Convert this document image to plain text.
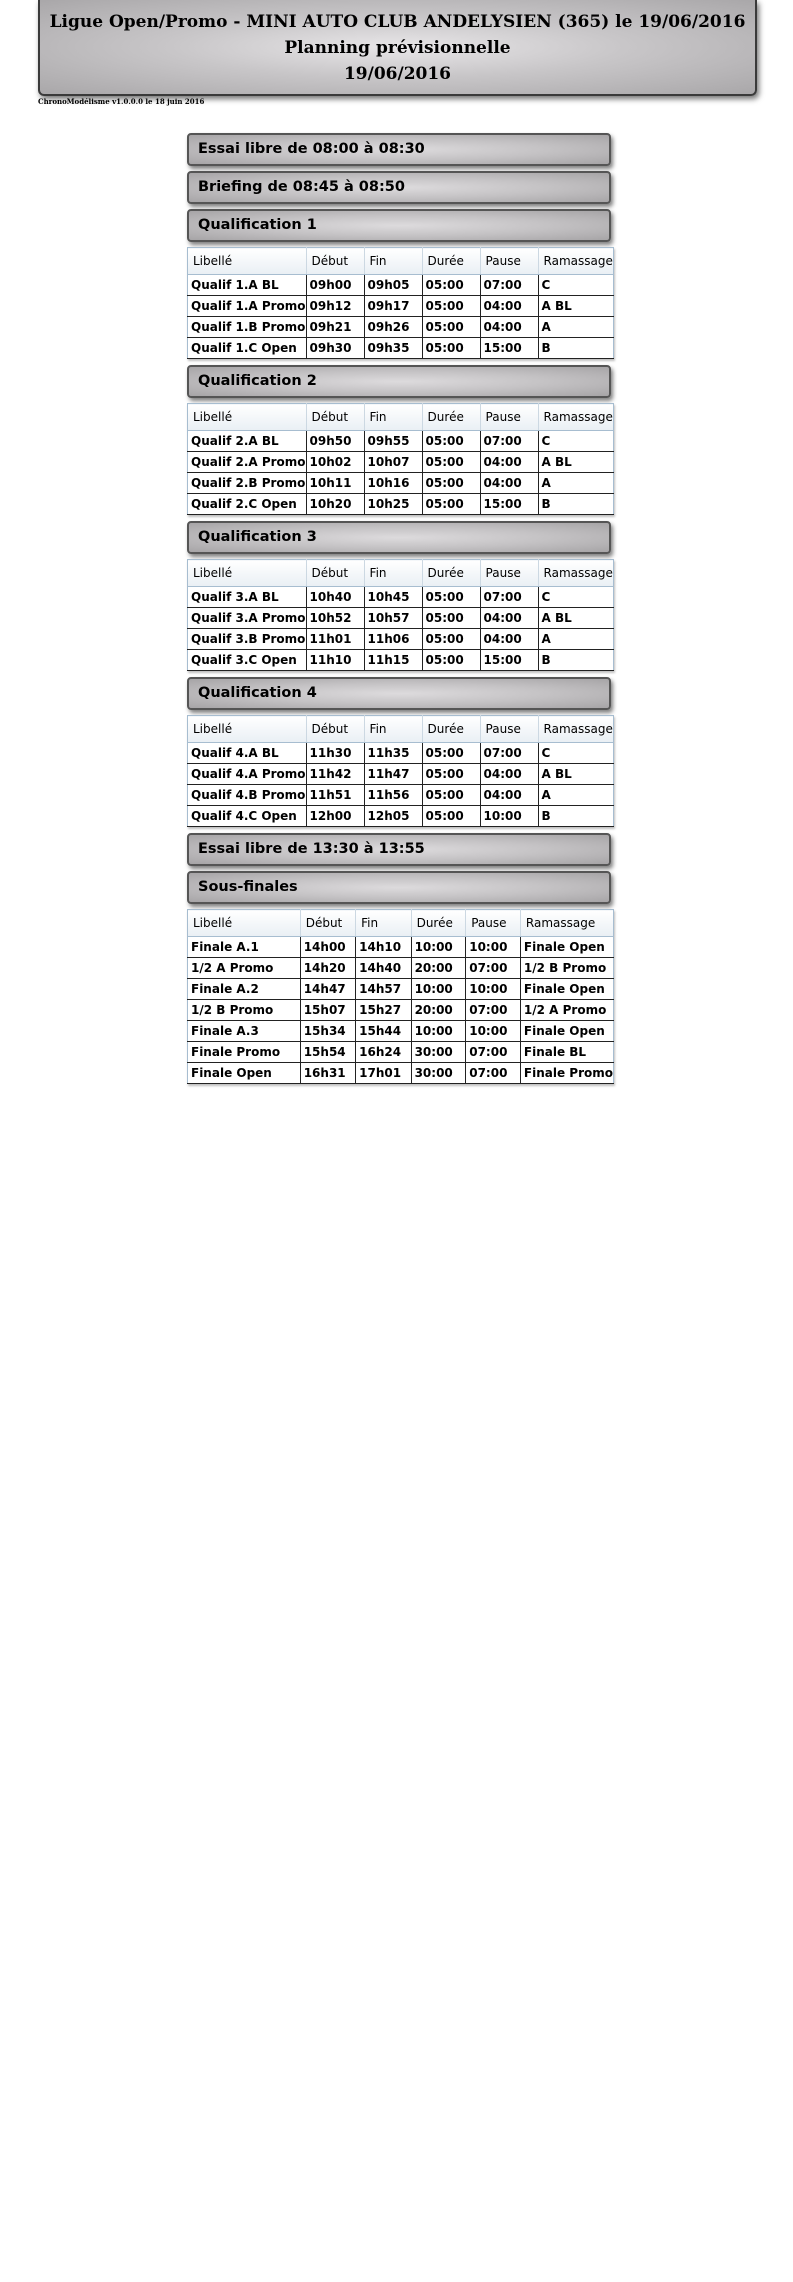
Ligue Open/Promo - MINI AUTO CLUB ANDELYSIEN (365) le 19/06/2016
Planning prévisionnelle
19/06/2016
ChronoModélisme v1.0.0.0 le 18 juin 2016
Essai libre de 08:00 à 08:30
Briefing de 08:45 à 08:50
Qualification 1
Libellé	Début	Fin	Durée	Pause	Ramassage
Qualif 1.A BL	09h00	09h05	05:00	07:00	C
Qualif 1.A Promo	09h12	09h17	05:00	04:00	A BL
Qualif 1.B Promo	09h21	09h26	05:00	04:00	A
Qualif 1.C Open	09h30	09h35	05:00	15:00	B
Qualification 2
Libellé	Début	Fin	Durée	Pause	Ramassage
Qualif 2.A BL	09h50	09h55	05:00	07:00	C
Qualif 2.A Promo	10h02	10h07	05:00	04:00	A BL
Qualif 2.B Promo	10h11	10h16	05:00	04:00	A
Qualif 2.C Open	10h20	10h25	05:00	15:00	B
Qualification 3
Libellé	Début	Fin	Durée	Pause	Ramassage
Qualif 3.A BL	10h40	10h45	05:00	07:00	C
Qualif 3.A Promo	10h52	10h57	05:00	04:00	A BL
Qualif 3.B Promo	11h01	11h06	05:00	04:00	A
Qualif 3.C Open	11h10	11h15	05:00	15:00	B
Qualification 4
Libellé	Début	Fin	Durée	Pause	Ramassage
Qualif 4.A BL	11h30	11h35	05:00	07:00	C
Qualif 4.A Promo	11h42	11h47	05:00	04:00	A BL
Qualif 4.B Promo	11h51	11h56	05:00	04:00	A
Qualif 4.C Open	12h00	12h05	05:00	10:00	B
Essai libre de 13:30 à 13:55
Sous-finales
Libellé	Début	Fin	Durée	Pause	Ramassage
Finale A.1	14h00	14h10	10:00	10:00	Finale Open
1/2 A Promo	14h20	14h40	20:00	07:00	1/2 B Promo
Finale A.2	14h47	14h57	10:00	10:00	Finale Open
1/2 B Promo	15h07	15h27	20:00	07:00	1/2 A Promo
Finale A.3	15h34	15h44	10:00	10:00	Finale Open
Finale Promo	15h54	16h24	30:00	07:00	Finale BL
Finale Open	16h31	17h01	30:00	07:00	Finale Promo
